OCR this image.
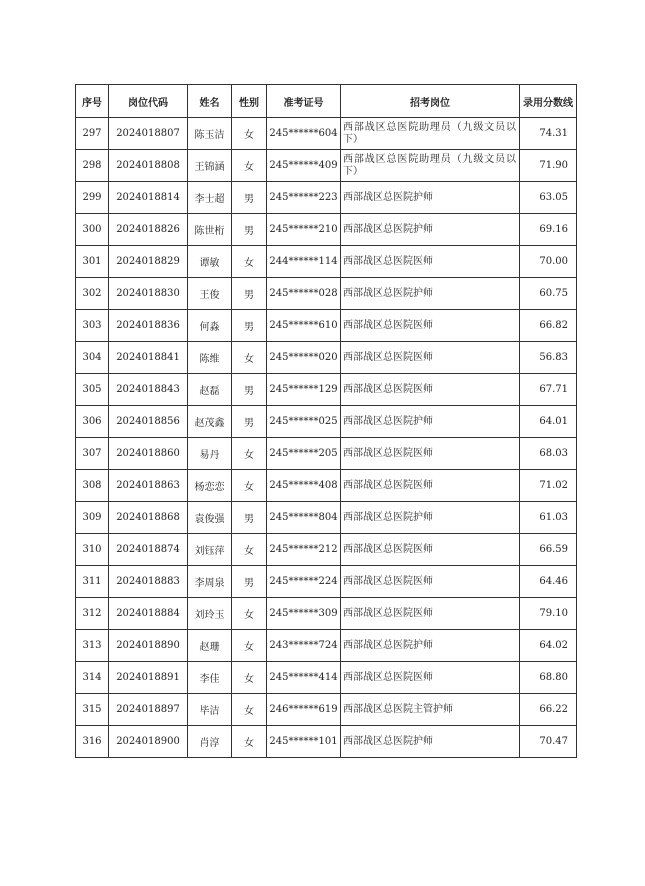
序号	岗位代码	姓名	性别	准考证号	招考岗位	录用分数线
297	2024018807	陈玉洁	女	245******604	西部战区总医院助理员（九级文员以下）	74.31
298	2024018808	王锦涵	女	245******409	西部战区总医院助理员（九级文员以下）	71.90
299	2024018814	李士超	男	245******223	西部战区总医院护师	63.05
300	2024018826	陈世桁	男	245******210	西部战区总医院护师	69.16
301	2024018829	谭敏	女	244******114	西部战区总医院医师	70.00
302	2024018830	王俊	男	245******028	西部战区总医院护师	60.75
303	2024018836	何淼	男	245******610	西部战区总医院医师	66.82
304	2024018841	陈维	女	245******020	西部战区总医院医师	56.83
305	2024018843	赵磊	男	245******129	西部战区总医院医师	67.71
306	2024018856	赵茂鑫	男	245******025	西部战区总医院护师	64.01
307	2024018860	易丹	女	245******205	西部战区总医院医师	68.03
308	2024018863	杨恋恋	女	245******408	西部战区总医院医师	71.02
309	2024018868	袁俊强	男	245******804	西部战区总医院护师	61.03
310	2024018874	刘钰萍	女	245******212	西部战区总医院医师	66.59
311	2024018883	李周泉	男	245******224	西部战区总医院医师	64.46
312	2024018884	刘玲玉	女	245******309	西部战区总医院医师	79.10
313	2024018890	赵珊	女	243******724	西部战区总医院护师	64.02
314	2024018891	李佳	女	245******414	西部战区总医院医师	68.80
315	2024018897	毕洁	女	246******619	西部战区总医院主管护师	66.22
316	2024018900	肖淳	女	245******101	西部战区总医院护师	70.47
